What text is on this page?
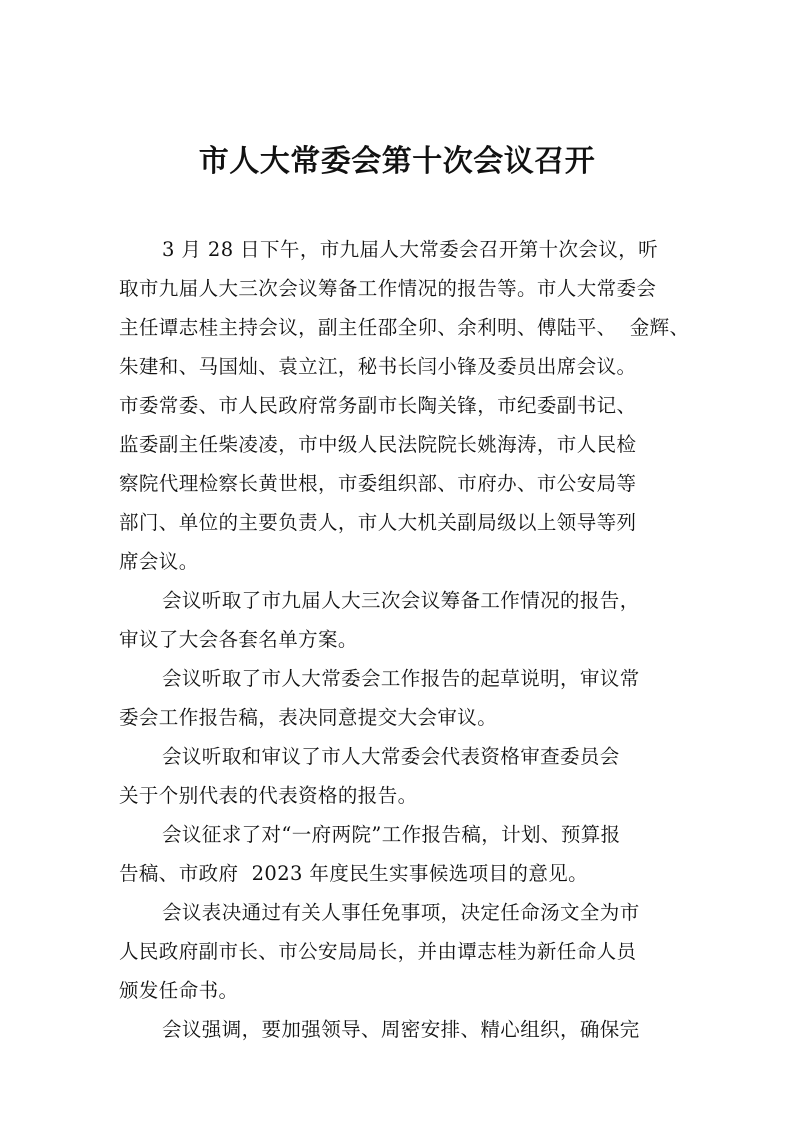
市人大常委会第十次会议召开
3 月 28 日下午，市九届人大常委会召开第十次会议，听
取市九届人大三次会议筹备工作情况的报告等。市人大常委会
主任谭志桂主持会议，副主任邵全卯、余利明、傅陆平、  金辉、
朱建和、马国灿、袁立江，秘书长闫小锋及委员出席会议。
市委常委、市人民政府常务副市长陶关锋，市纪委副书记、
监委副主任柴凌凌，市中级人民法院院长姚海涛，市人民检
察院代理检察长黄世根，市委组织部、市府办、市公安局等
部门、单位的主要负责人，市人大机关副局级以上领导等列
席会议。
会议听取了市九届人大三次会议筹备工作情况的报告，
审议了大会各套名单方案。
会议听取了市人大常委会工作报告的起草说明，审议常
委会工作报告稿，表决同意提交大会审议。
会议听取和审议了市人大常委会代表资格审查委员会
关于个别代表的代表资格的报告。
会议征求了对“一府两院”工作报告稿，计划、预算报
告稿、市政府  2023 年度民生实事候选项目的意见。
会议表决通过有关人事任免事项，决定任命汤文全为市
人民政府副市长、市公安局局长，并由谭志桂为新任命人员
颁发任命书。
会议强调，要加强领导、周密安排、精心组织，确保完
